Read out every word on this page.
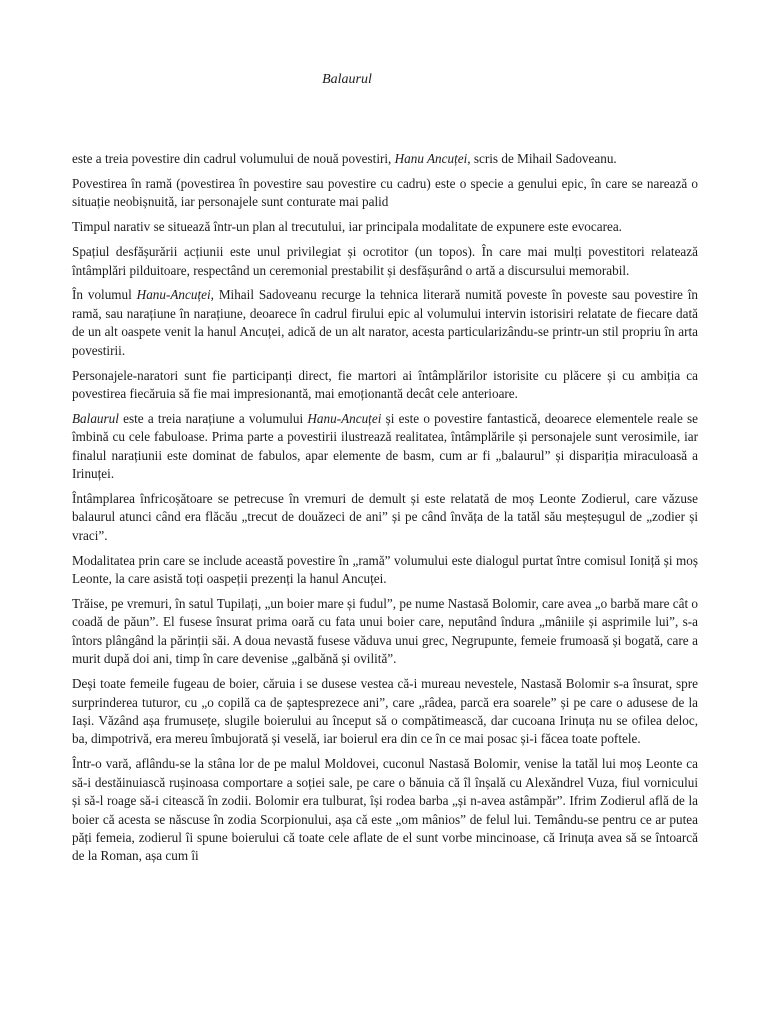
Balaurul

este a treia povestire din cadrul volumului de nouă povestiri, Hanu Ancuței, scris de Mihail Sadoveanu.

Povestirea în ramă (povestirea în povestire sau povestire cu cadru) este o specie a genului epic, în care se narează o situație neobișnuită, iar personajele sunt conturate mai palid

Timpul narativ se situează într-un plan al trecutului, iar principala modalitate de expunere este evocarea.

Spațiul desfășurării acțiunii este unul privilegiat și ocrotitor (un topos). În care mai mulți povestitori relatează întâmplări pilduitoare, respectând un ceremonial prestabilit și desfășurând o artă a discursului memorabil.

În volumul Hanu-Ancuței, Mihail Sadoveanu recurge la tehnica literară numită poveste în poveste sau povestire în ramă, sau narațiune în narațiune, deoarece în cadrul firului epic al volumului intervin istorisiri relatate de fiecare dată de un alt oaspete venit la hanul Ancuței, adică de un alt narator, acesta particularizându-se printr-un stil propriu în arta povestirii.

Personajele-naratori sunt fie participanți direct, fie martori ai întâmplărilor istorisite cu plăcere și cu ambiția ca povestirea fiecăruia să fie mai impresionantă, mai emoționantă decât cele anterioare.

Balaurul este a treia narațiune a volumului Hanu-Ancuței și este o povestire fantastică, deoarece elementele reale se îmbină cu cele fabuloase. Prima parte a povestirii ilustrează realitatea, întâmplările și personajele sunt verosimile, iar finalul narațiunii este dominat de fabulos, apar elemente de basm, cum ar fi „balaurul” și dispariția miraculoasă a Irinuței.

Întâmplarea înfricoșătoare se petrecuse în vremuri de demult și este relatată de moș Leonte Zodierul, care văzuse balaurul atunci când era flăcău „trecut de douăzeci de ani” și pe când învăța de la tatăl său meșteșugul de „zodier și vraci”.

Modalitatea prin care se include această povestire în „ramă” volumului este dialogul purtat între comisul Ioniță și moș Leonte, la care asistă toți oaspeții prezenți la hanul Ancuței.

Trăise, pe vremuri, în satul Tupilați, „un boier mare și fudul”, pe nume Nastasă Bolomir, care avea „o barbă mare cât o coadă de păun”. El fusese însurat prima oară cu fata unui boier care, neputând îndura „mâniile și asprimile lui”, s-a întors plângând la părinții săi. A doua nevastă fusese văduva unui grec, Negrupunte, femeie frumoasă și bogată, care a murit după doi ani, timp în care devenise „galbănă și ovilită”.

Deși toate femeile fugeau de boier, căruia i se dusese vestea că-i mureau nevestele, Nastasă Bolomir s-a însurat, spre surprinderea tuturor, cu „o copilă ca de șaptesprezece ani”, care „râdea, parcă era soarele” și pe care o adusese de la Iași. Văzând așa frumusețe, slugile boierului au început să o compătimească, dar cucoana Irinuța nu se ofilea deloc, ba, dimpotrivă, era mereu îmbujorată și veselă, iar boierul era din ce în ce mai posac și-i făcea toate poftele.

Într-o vară, aflându-se la stâna lor de pe malul Moldovei, cuconul Nastasă Bolomir, venise la tatăl lui moș Leonte ca să-i destăinuiască rușinoasa comportare a soției sale, pe care o bănuia că îl înșală cu Alexăndrel Vuza, fiul vornicului și să-l roage să-i citească în zodii. Bolomir era tulburat, își rodea barba „și n-avea astâmpăr”. Ifrim Zodierul află de la boier că acesta se născuse în zodia Scorpionului, așa că este „om mânios” de felul lui. Temându-se pentru ce ar putea păți femeia, zodierul îi spune boierului că toate cele aflate de el sunt vorbe mincinoase, că Irinuța avea să se întoarcă de la Roman, așa cum îi
